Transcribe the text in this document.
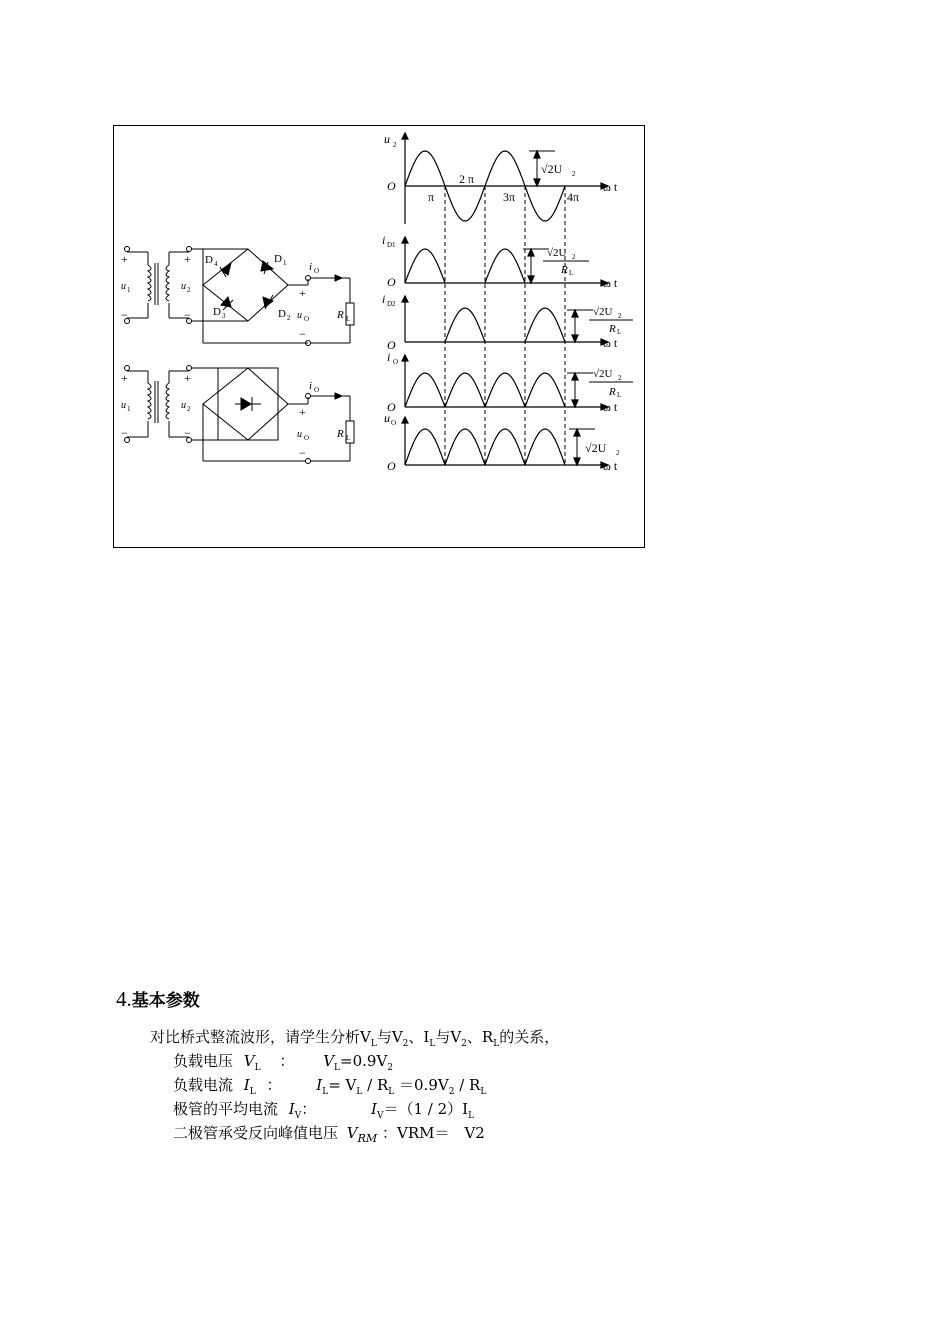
u 2
O
π
2 π
3π	4π
ω t
√2U 2
i D1
O	ω t
√2U 2
R L
i D2
O	ω t
√2U 2
R L
i O
O	ω t
√2U 2
R L
u O
O	ω t
√2U 2
+
−
u 1
+
−
u 2
D 4	D 1
D 3	D 2
i O
+
−
u O	R L
+
−
u 1
+
−
u 2
i O
+
−
u O	R L
4.基本参数
对比桥式整流波形，请学生分析$V_L$与$V_2$、$I_L$与$V_2$、$R_L$的关系，
负载电压 $V_L$ ： $V_L=0.9V_2$
负载电流 $I_L$ ： $I_L= V_L / R_L =0.9V_2 / R_L$
极管的平均电流 $I_V$：	$I_V=(1 / 2)I_L$
二极管承受反向峰值电压 $V_{RM}$ ：VRM＝　V2
